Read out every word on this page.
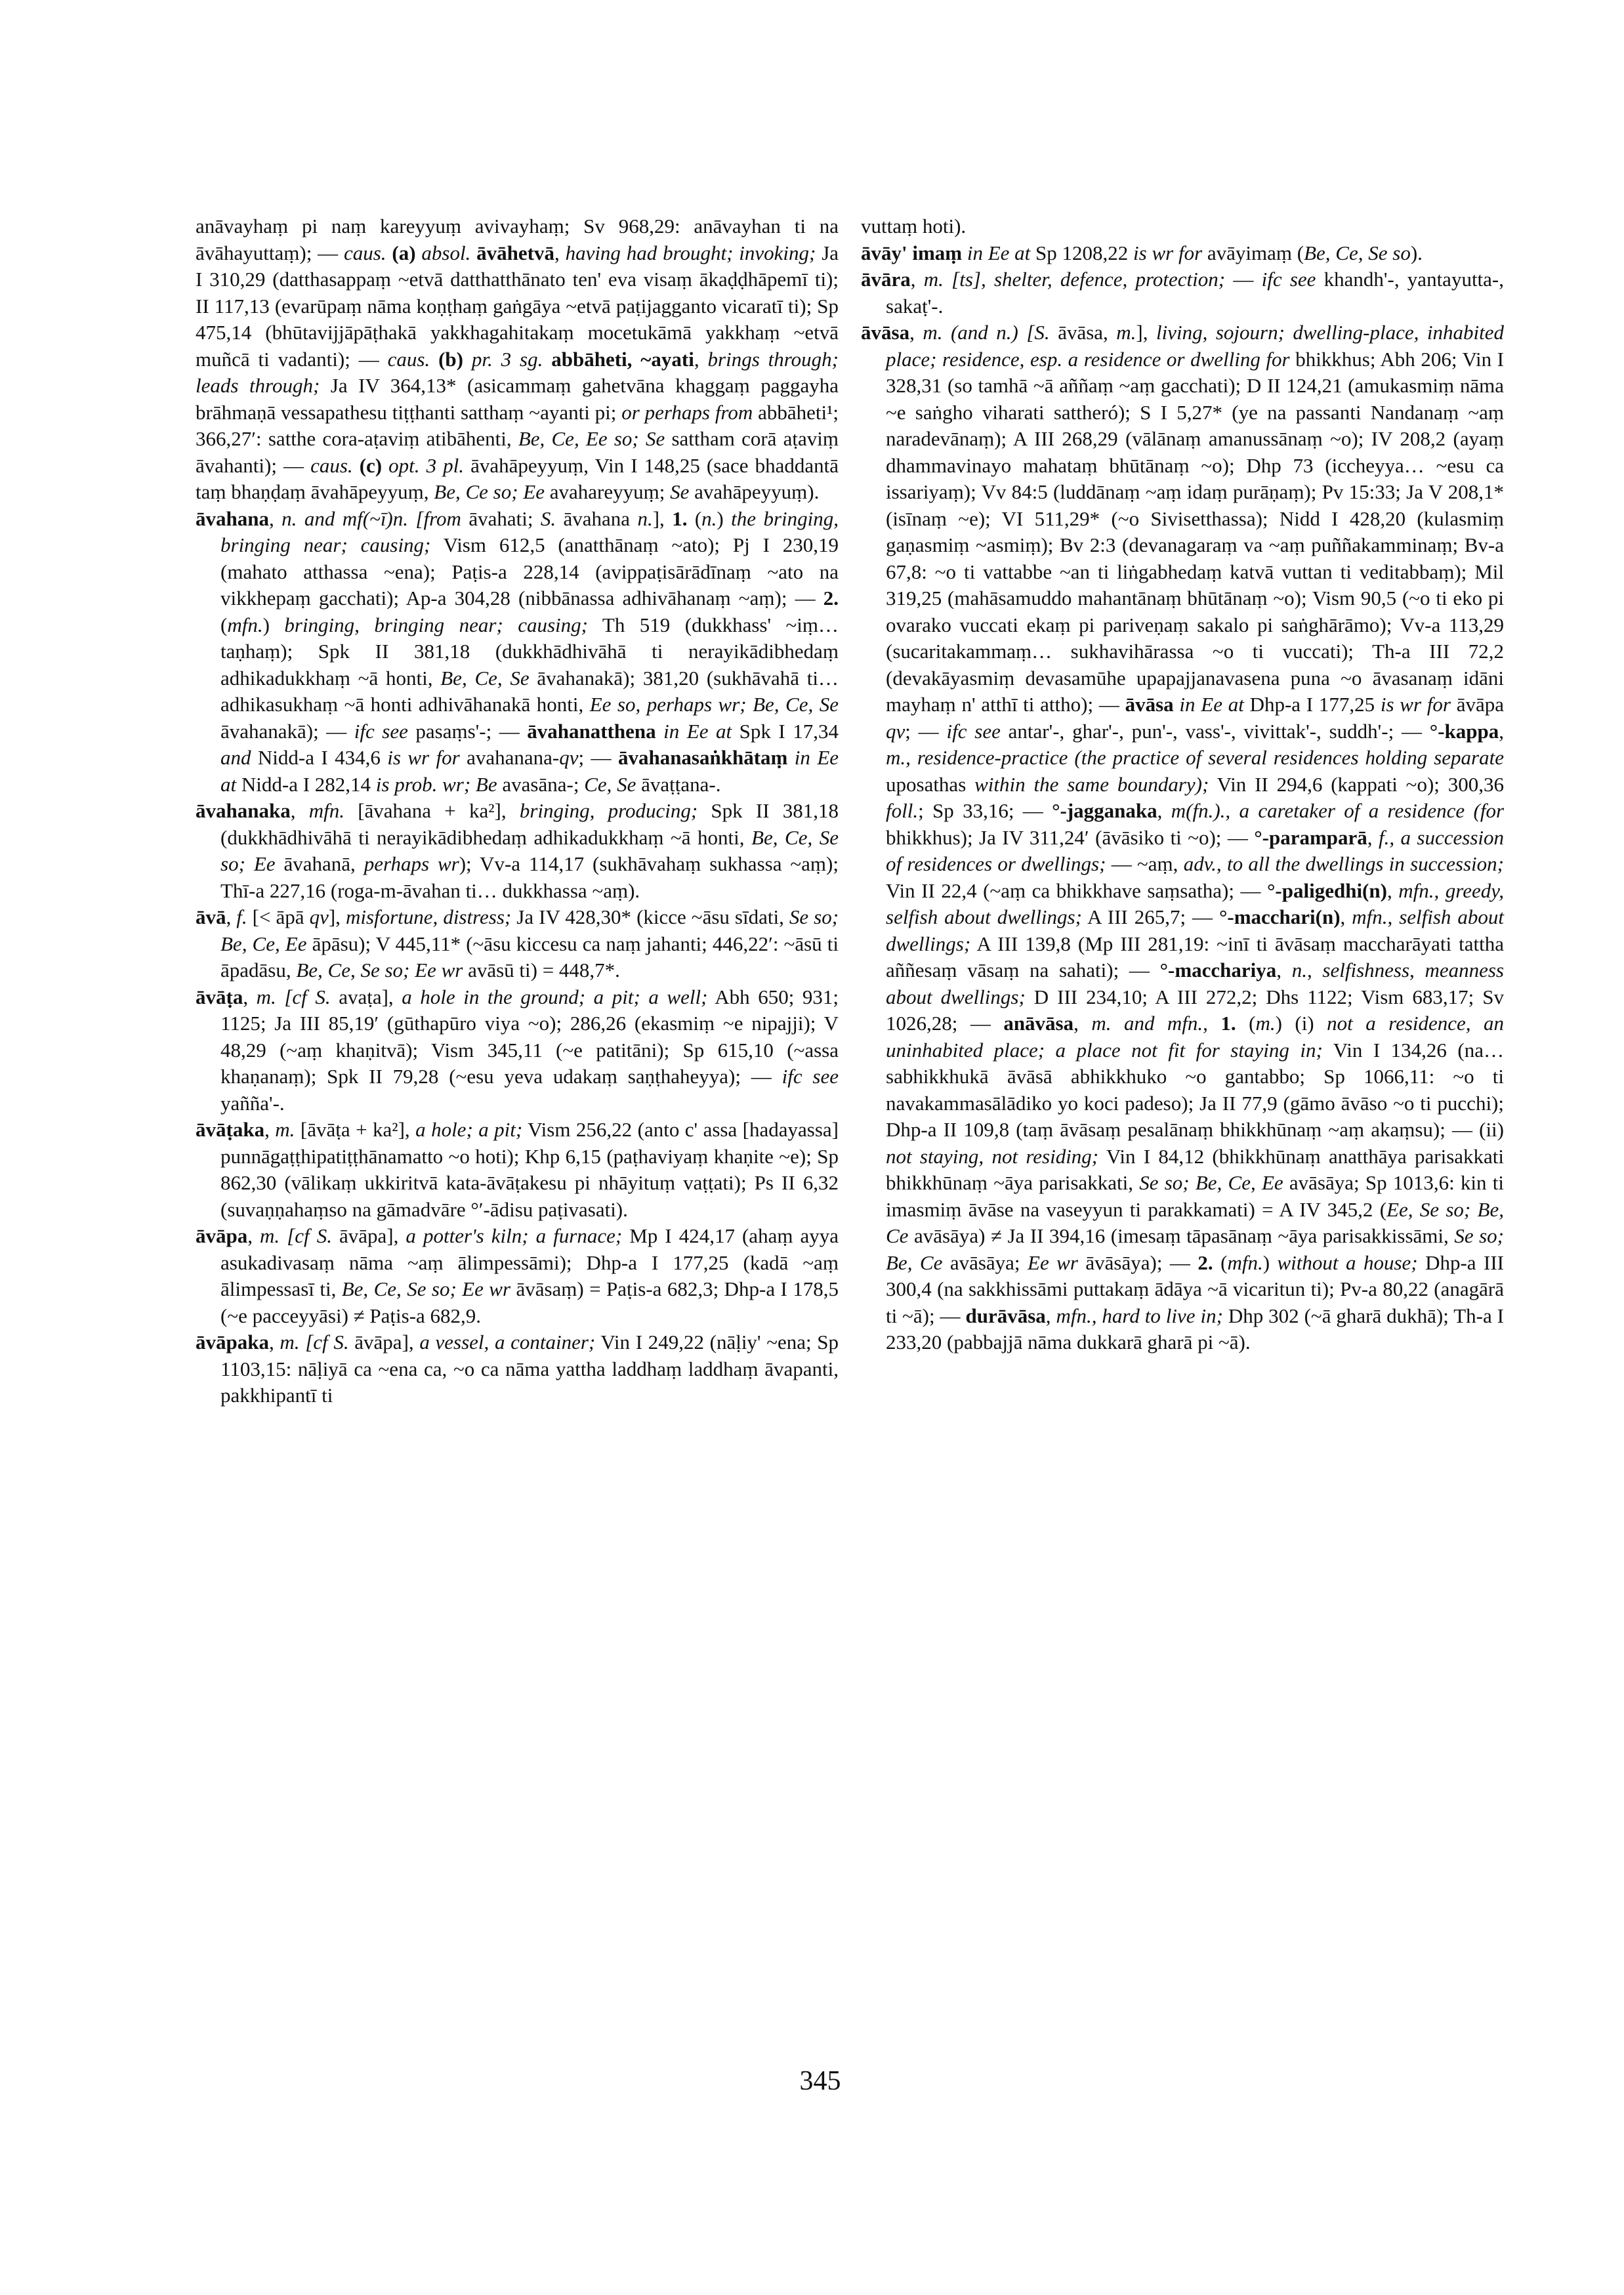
anāvayhaṃ pi naṃ kareyyuṃ avivayhaṃ; Sv 968,29: anāvayhan ti na āvāhayuttaṃ); — caus. (a) absol. āvāhetvā, having had brought; invoking; Ja I 310,29 (datthasappaṃ ~etvā datthatthānato ten' eva visaṃ ākaḍḍhāpemī ti); II 117,13 (evarūpaṃ nāma koṇṭhaṃ gaṅgāya ~etvā paṭijagganto vicaratī ti); Sp 475,14 (bhūtavijjāpāṭhakā yakkhagahitakaṃ mocetukāmā yakkhaṃ ~etvā muñcā ti vadanti); — caus. (b) pr. 3 sg. abbāheti, ~ayati, brings through; leads through; Ja IV 364,13* (asicammaṃ gahetvāna khaggaṃ paggayha brāhmaṇā vessapathesu tiṭṭhanti satthaṃ ~ayanti pi; or perhaps from abbāheti¹; 366,27′: satthe cora-aṭaviṃ atibāhenti, Be, Ce, Ee so; Se sattham corā aṭaviṃ āvahanti); — caus. (c) opt. 3 pl. āvahāpeyyuṃ, Vin I 148,25 (sace bhaddantā taṃ bhaṇḍaṃ āvahāpeyyuṃ, Be, Ce so; Ee avahareyyuṃ; Se avahāpeyyuṃ).

āvahana, n. and mf(~ī)n. [from āvahati; S. āvahana n.], 1. (n.) the bringing, bringing near; causing; Vism 612,5 (anatthānaṃ ~ato); Pj I 230,19 (mahato atthassa ~ena); Paṭis-a 228,14 (avippaṭisārādīnaṃ ~ato na vikkhepaṃ gacchati); Ap-a 304,28 (nibbānassa adhivāhanaṃ ~aṃ); — 2. (mfn.) bringing, bringing near; causing; Th 519 (dukkhass' ~iṃ… taṇhaṃ); Spk II 381,18 (dukkhādhivāhā ti nerayikādibhedaṃ adhikadukkhaṃ ~ā honti, Be, Ce, Se āvahanakā); 381,20 (sukhāvahā ti… adhikasukhaṃ ~ā honti adhivāhanakā honti, Ee so, perhaps wr; Be, Ce, Se āvahanakā); — ifc see pasaṃs'-; — āvahanatthena in Ee at Spk I 17,34 and Nidd-a I 434,6 is wr for avahanana-qv; — āvahanasaṅkhātaṃ in Ee at Nidd-a I 282,14 is prob. wr; Be avasāna-; Ce, Se āvaṭṭana-.

āvahanaka, mfn. [āvahana + ka²], bringing, producing; Spk II 381,18 (dukkhādhivāhā ti nerayikādibhedaṃ adhikadukkhaṃ ~ā honti, Be, Ce, Se so; Ee āvahanā, perhaps wr); Vv-a 114,17 (sukhāvahaṃ sukhassa ~aṃ); Thī-a 227,16 (roga-m-āvahan ti… dukkhassa ~aṃ).

āvā, f. [< āpā qv], misfortune, distress; Ja IV 428,30* (kicce ~āsu sīdati, Se so; Be, Ce, Ee āpāsu); V 445,11* (~āsu kiccesu ca naṃ jahanti; 446,22′: ~āsū ti āpadāsu, Be, Ce, Se so; Ee wr avāsū ti) = 448,7*.

āvāṭa, m. [cf S. avaṭa], a hole in the ground; a pit; a well; Abh 650; 931; 1125; Ja III 85,19′ (gūthapūro viya ~o); 286,26 (ekasmiṃ ~e nipajji); V 48,29 (~aṃ khaṇitvā); Vism 345,11 (~e patitāni); Sp 615,10 (~assa khaṇanaṃ); Spk II 79,28 (~esu yeva udakaṃ saṇṭhaheyya); — ifc see yañña'-.

āvāṭaka, m. [āvāṭa + ka²], a hole; a pit; Vism 256,22 (anto c' assa [hadayassa] punnāgaṭṭhipatiṭṭhānamatto ~o hoti); Khp 6,15 (paṭhaviyaṃ khaṇite ~e); Sp 862,30 (vālikaṃ ukkiritvā kata-āvāṭakesu pi nhāyituṃ vaṭṭati); Ps II 6,32 (suvaṇṇahaṃso na gāmadvāre °′-ādisu paṭivasati).

āvāpa, m. [cf S. āvāpa], a potter's kiln; a furnace; Mp I 424,17 (ahaṃ ayya asukadivasaṃ nāma ~aṃ ālimpessāmi); Dhp-a I 177,25 (kadā ~aṃ ālimpessasī ti, Be, Ce, Se so; Ee wr āvāsaṃ) = Paṭis-a 682,3; Dhp-a I 178,5 (~e pacceyyāsi) ≠ Paṭis-a 682,9.

āvāpaka, m. [cf S. āvāpa], a vessel, a container; Vin I 249,22 (nāḷiy' ~ena; Sp 1103,15: nāḷiyā ca ~ena ca, ~o ca nāma yattha laddhaṃ laddhaṃ āvapanti, pakkhipantī ti

vuttaṃ hoti).

āvāy' imaṃ in Ee at Sp 1208,22 is wr for avāyimaṃ (Be, Ce, Se so).

āvāra, m. [ts], shelter, defence, protection; — ifc see khandh'-, yantayutta-, sakaṭ'-.

āvāsa, m. (and n.) [S. āvāsa, m.], living, sojourn; dwelling-place, inhabited place; residence, esp. a residence or dwelling for bhikkhus; Abh 206; Vin I 328,31 (so tamhā ~ā aññaṃ ~aṃ gacchati); D II 124,21 (amukasmiṃ nāma ~e saṅgho viharati sattheró); S I 5,27* (ye na passanti Nandanaṃ ~aṃ naradevānaṃ); A III 268,29 (vālānaṃ amanussānaṃ ~o); IV 208,2 (ayaṃ dhammavinayo mahataṃ bhūtānaṃ ~o); Dhp 73 (iccheyya… ~esu ca issariyaṃ); Vv 84:5 (luddānaṃ ~aṃ idaṃ purāṇaṃ); Pv 15:33; Ja V 208,1* (isīnaṃ ~e); VI 511,29* (~o Sivisetthassa); Nidd I 428,20 (kulasmiṃ gaṇasmiṃ ~asmiṃ); Bv 2:3 (devanagaraṃ va ~aṃ puññakamminaṃ; Bv-a 67,8: ~o ti vattabbe ~an ti liṅgabhedaṃ katvā vuttan ti veditabbaṃ); Mil 319,25 (mahāsamuddo mahantānaṃ bhūtānaṃ ~o); Vism 90,5 (~o ti eko pi ovarako vuccati ekaṃ pi pariveṇaṃ sakalo pi saṅghārāmo); Vv-a 113,29 (sucaritakammaṃ… sukhavihārassa ~o ti vuccati); Th-a III 72,2 (devakāyasmiṃ devasamūhe upapajjanavasena puna ~o āvasanaṃ idāni mayhaṃ n' atthī ti attho); — āvāsa in Ee at Dhp-a I 177,25 is wr for āvāpa qv; — ifc see antar'-, ghar'-, pun'-, vass'-, vivittak'-, suddh'-; — °-kappa, m., residence-practice (the practice of several residences holding separate uposathas within the same boundary); Vin II 294,6 (kappati ~o); 300,36 foll.; Sp 33,16; — °-jagganaka, m(fn.)., a caretaker of a residence (for bhikkhus); Ja IV 311,24′ (āvāsiko ti ~o); — °-paramparā, f., a succession of residences or dwellings; — ~aṃ, adv., to all the dwellings in succession; Vin II 22,4 (~aṃ ca bhikkhave saṃsatha); — °-paligedhi(n), mfn., greedy, selfish about dwellings; A III 265,7; — °-macchari(n), mfn., selfish about dwellings; A III 139,8 (Mp III 281,19: ~inī ti āvāsaṃ maccharāyati tattha aññesaṃ vāsaṃ na sahati); — °-macchariya, n., selfishness, meanness about dwellings; D III 234,10; A III 272,2; Dhs 1122; Vism 683,17; Sv 1026,28; — anāvāsa, m. and mfn., 1. (m.) (i) not a residence, an uninhabited place; a place not fit for staying in; Vin I 134,26 (na… sabhikkhukā āvāsā abhikkhuko ~o gantabbo; Sp 1066,11: ~o ti navakammasālādiko yo koci padeso); Ja II 77,9 (gāmo āvāso ~o ti pucchi); Dhp-a II 109,8 (taṃ āvāsaṃ pesalānaṃ bhikkhūnaṃ ~aṃ akaṃsu); — (ii) not staying, not residing; Vin I 84,12 (bhikkhūnaṃ anatthāya parisakkati bhikkhūnaṃ ~āya parisakkati, Se so; Be, Ce, Ee avāsāya; Sp 1013,6: kin ti imasmiṃ āvāse na vaseyyun ti parakkamati) = A IV 345,2 (Ee, Se so; Be, Ce avāsāya) ≠ Ja II 394,16 (imesaṃ tāpasānaṃ ~āya parisakkissāmi, Se so; Be, Ce avāsāya; Ee wr āvāsāya); — 2. (mfn.) without a house; Dhp-a III 300,4 (na sakkhissāmi puttakaṃ ādāya ~ā vicaritun ti); Pv-a 80,22 (anagārā ti ~ā); — durāvāsa, mfn., hard to live in; Dhp 302 (~ā gharā dukhā); Th-a I 233,20 (pabbajjā nāma dukkarā gharā pi ~ā).

345
